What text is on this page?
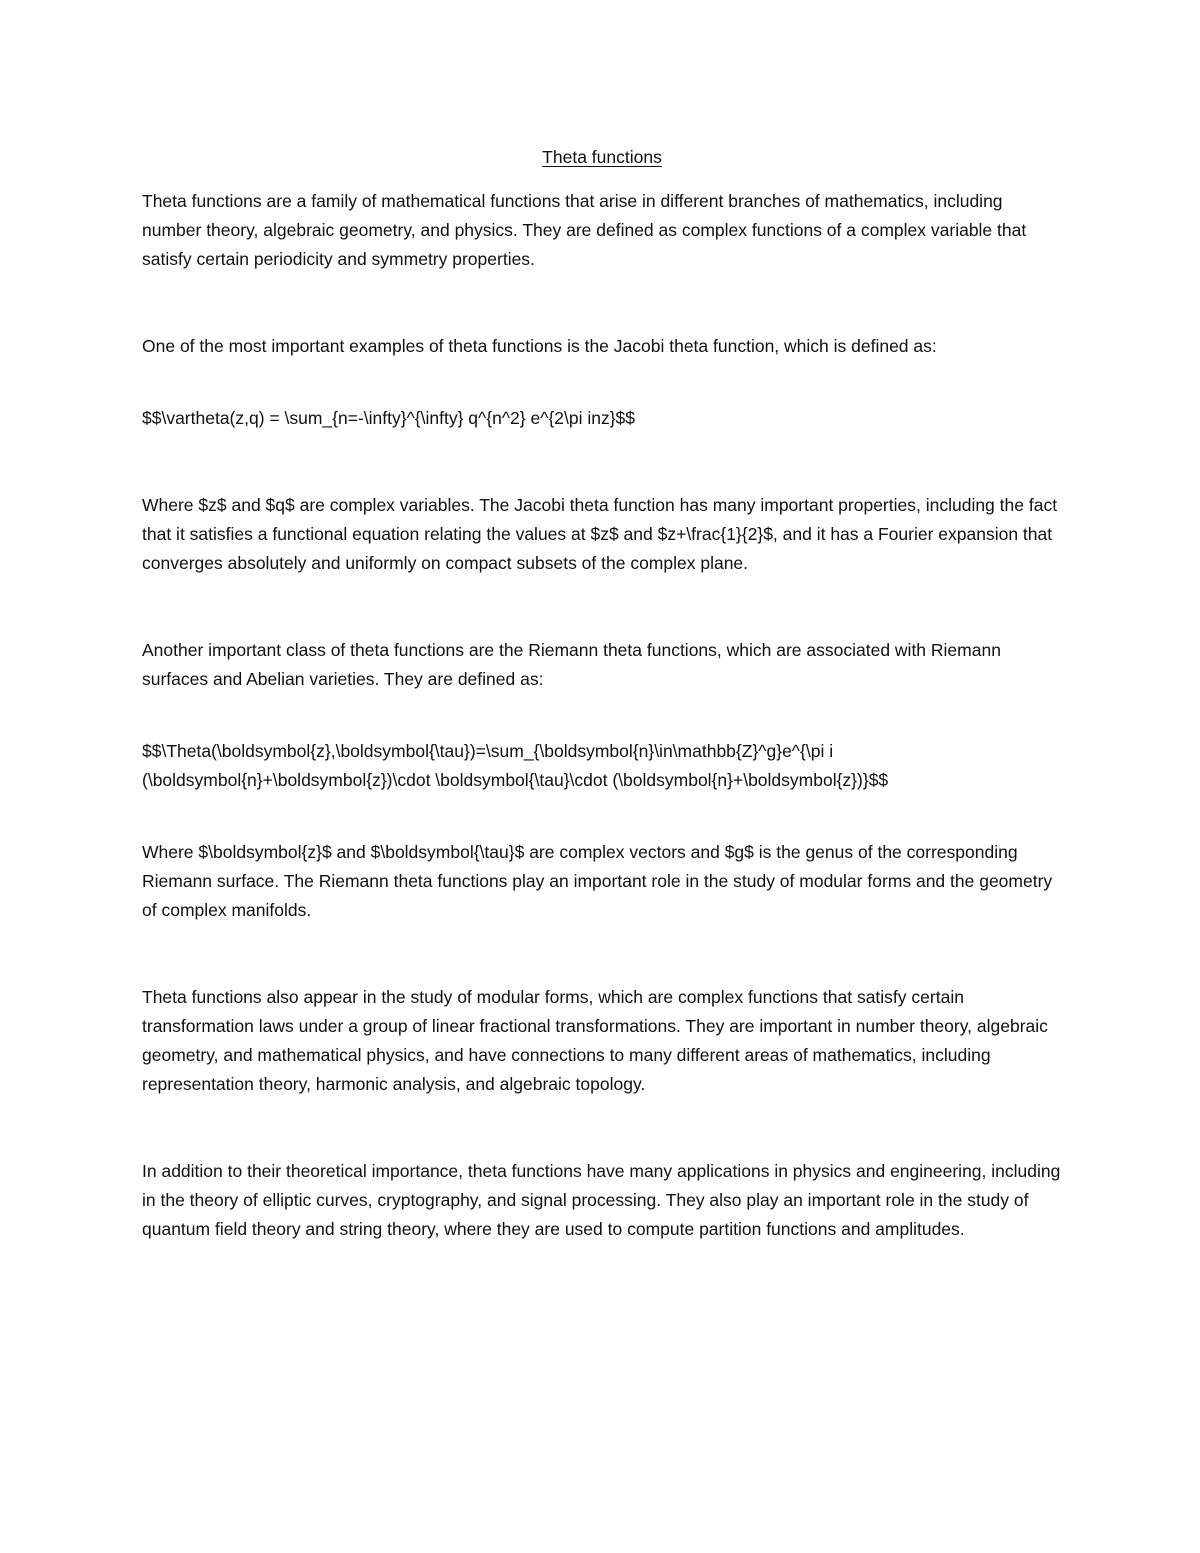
Theta functions

Theta functions are a family of mathematical functions that arise in different branches of mathematics, including number theory, algebraic geometry, and physics. They are defined as complex functions of a complex variable that satisfy certain periodicity and symmetry properties.

One of the most important examples of theta functions is the Jacobi theta function, which is defined as:

$$\vartheta(z,q) = \sum_{n=-\infty}^{\infty} q^{n^2} e^{2\pi inz}$$

Where $z$ and $q$ are complex variables. The Jacobi theta function has many important properties, including the fact that it satisfies a functional equation relating the values at $z$ and $z+\frac{1}{2}$, and it has a Fourier expansion that converges absolutely and uniformly on compact subsets of the complex plane.

Another important class of theta functions are the Riemann theta functions, which are associated with Riemann surfaces and Abelian varieties. They are defined as:

$$\Theta(\boldsymbol{z},\boldsymbol{\tau})=\sum_{\boldsymbol{n}\in\mathbb{Z}^g}e^{\pi i (\boldsymbol{n}+\boldsymbol{z})\cdot \boldsymbol{\tau}\cdot (\boldsymbol{n}+\boldsymbol{z})}$$

Where $\boldsymbol{z}$ and $\boldsymbol{\tau}$ are complex vectors and $g$ is the genus of the corresponding Riemann surface. The Riemann theta functions play an important role in the study of modular forms and the geometry of complex manifolds.

Theta functions also appear in the study of modular forms, which are complex functions that satisfy certain transformation laws under a group of linear fractional transformations. They are important in number theory, algebraic geometry, and mathematical physics, and have connections to many different areas of mathematics, including representation theory, harmonic analysis, and algebraic topology.

In addition to their theoretical importance, theta functions have many applications in physics and engineering, including in the theory of elliptic curves, cryptography, and signal processing. They also play an important role in the study of quantum field theory and string theory, where they are used to compute partition functions and amplitudes.
